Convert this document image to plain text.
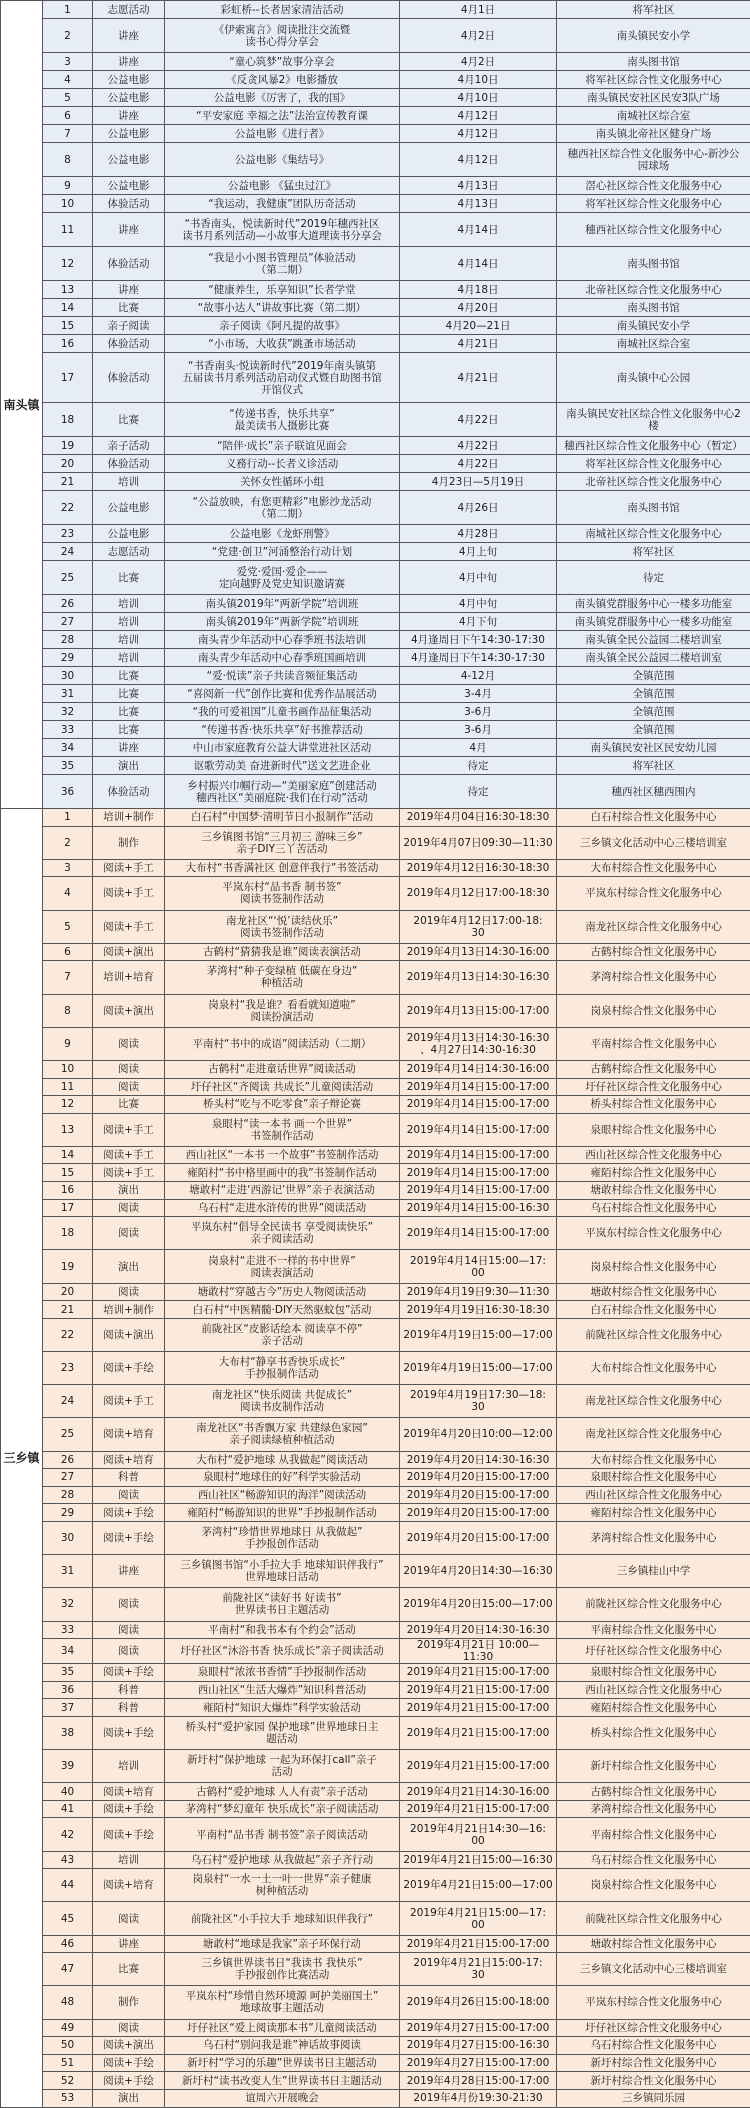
南头镇	1	志愿活动	彩虹桥--长者居家清洁活动	4月1日	将军社区
	2	讲座	《伊索寓言》阅读批注交流暨
读书心得分享会	4月2日	南头镇民安小学
	3	讲座	“童心筑梦”故事分享会	4月2日	南头图书馆
	4	公益电影	《反贪风暴2》电影播放	4月10日	将军社区综合性文化服务中心
	5	公益电影	公益电影《厉害了，我的国》	4月10日	南头镇民安社区民安3队广场
	6	讲座	“平安家庭 幸福之法”法治宣传教育课	4月12日	南城社区综合室
	7	公益电影	公益电影《进行者》	4月12日	南头镇北帝社区健身广场
	8	公益电影	公益电影《集结号》	4月12日	穗西社区综合性文化服务中心-新沙公
园球场
	9	公益电影	公益电影 《猛虫过江》	4月13日	滘心社区综合性文化服务中心
	10	体验活动	“我运动，我健康”团队历奇活动	4月13日	将军社区综合性文化服务中心
	11	讲座	“书香南头，悦读新时代”2019年穗西社区
读书月系列活动—小故事大道理读书分享会	4月14日	穗西社区综合性文化服务中心
	12	体验活动	“我是小小图书管理员”体验活动
（第二期）	4月14日	南头图书馆
	13	讲座	“健康养生，乐享知识”长者学堂	4月18日	北帝社区综合性文化服务中心
	14	比赛	“故事小达人”讲故事比赛（第二期）	4月20日	南头图书馆
	15	亲子阅读	亲子阅读《阿凡提的故事》	4月20—21日	南头镇民安小学
	16	体验活动	“小市场，大收获”跳蚤市场活动	4月21日	南城社区综合室
	17	体验活动	“书香南头·悦读新时代”2019年南头镇第
五届读书月系列活动启动仪式暨自助图书馆
开馆仪式	4月21日	南头镇中心公园
	18	比赛	“传递书香，快乐共享”
最美读书人摄影比赛	4月22日	南头镇民安社区综合性文化服务中心2
楼
	19	亲子活动	“陪伴·成长”亲子联谊见面会	4月22日	穗西社区综合性文化服务中心（暂定）
	20	体验活动	义務行动--长者义诊活动	4月22日	将军社区综合性文化服务中心
	21	培训	关怀女性循环小组	4月23日—5月19日	北帝社区综合性文化服务中心
	22	公益电影	“公益放映，有您更精彩”电影沙龙活动
（第二期）	4月26日	南头图书馆
	23	公益电影	公益电影《龙虾刑警》	4月28日	南城社区综合性文化服务中心
	24	志愿活动	“党建·创卫”河涌整治行动计划	4月上旬	将军社区
	25	比赛	爱党·爱国·爱企——
定向越野及党史知识邀请赛	4月中旬	待定
	26	培训	南头镇2019年“两新学院”培训班	4月中旬	南头镇党群服务中心一楼多功能室
	27	培训	南头镇2019年“两新学院”培训班	4月下旬	南头镇党群服务中心一楼多功能室
	28	培训	南头青少年活动中心春季班书法培训	4月逢周日下午14:30-17:30	南头镇全民公益园二楼培训室
	29	培训	南头青少年活动中心春季班国画培训	4月逢周日下午14:30-17:30	南头镇全民公益园二楼培训室
	30	比赛	“爱·悦读”亲子共读音频征集活动	4-12月	全镇范围
	31	比赛	“喜阅新一代”创作比赛和优秀作品展活动	3-4月	全镇范围
	32	比赛	“我的可爱祖国”儿童书画作品征集活动	3-6月	全镇范围
	33	比赛	“传递书香·快乐共享”好书推荐活动	3-6月	全镇范围
	34	讲座	中山市家庭教育公益大讲堂进社区活动	4月	南头镇民安社区民安幼儿园
	35	演出	讴歌劳动美 奋进新时代”送文艺进企业	待定	将军社区
	36	体验活动	乡村振兴巾帼行动—“美丽家庭”创建活动
穗西社区“美丽庭院·我们在行动”活动	待定	穗西社区穗西围内
三乡镇	1	培训+制作	白石村“中国梦·清明节日小报制作”活动	2019年4月04日16:30-18:30	白石村综合性文化服务中心
	2	制作	三乡镇图书馆“三月初三 游味三乡”
亲子DIY三丫苦活动	2019年4月07日09:30—11:30	三乡镇文化活动中心三楼培训室
	3	阅读+手工	大布村“书香满社区 创意伴我行”书签活动	2019年4月12日16:30-18:30	大布村综合性文化服务中心
	4	阅读+手工	平岚东村“品书香 制书签”
阅读书签制作活动	2019年4月12日17:00-18:30	平岚东村综合性文化服务中心
	5	阅读+手工	南龙社区“‘悦’读结伙乐”
阅读书签制作活动	2019年4月12日17:00-18:
30	南龙社区综合性文化服务中心
	6	阅读+演出	古鹤村“猜猜我是谁”阅读表演活动	2019年4月13日14:30-16:00	古鹤村综合性文化服务中心
	7	培训+培育	茅湾村“种子变绿植 低碳在身边”
种植活动	2019年4月13日14:30-16:30	茅湾村综合性文化服务中心
	8	阅读+演出	岗泉村“我是谁？看看就知道啦”
阅读扮演活动	2019年4月13日15:00-17:00	岗泉村综合性文化服务中心
	9	阅读	平南村“书中的成语”阅读活动（二期）	2019年4月13日14:30-16:30
、4月27日14:30-16:30	平南村综合性文化服务中心
	10	阅读	古鹤村“走进童话世界”阅读活动	2019年4月14日14:30-16:00	古鹤村综合性文化服务中心
	11	阅读	圩仔社区“齐阅读 共成长”儿童阅读活动	2019年4月14日15:00-17:00	圩仔社区综合性文化服务中心
	12	比赛	桥头村“吃与不吃零食”亲子辩论赛	2019年4月14日15:00-17:00	桥头村综合性文化服务中心
	13	阅读+手工	泉眼村“读一本书 画一个世界”
书签制作活动	2019年4月14日15:00-17:00	泉眼村综合性文化服务中心
	14	阅读+手工	西山社区“一本书 一个故事”书签制作活动	2019年4月14日15:00-17:00	西山社区综合性文化服务中心
	15	阅读+手工	雍陌村“书中格里画中的我”书签制作活动	2019年4月14日15:00-17:00	雍陌村综合性文化服务中心
	16	演出	塘敢村“走进‘西游记’世界”亲子表演活动	2019年4月14日15:00-17:00	塘敢村综合性文化服务中心
	17	阅读	乌石村“走进水浒传的世界”阅读活动	2019年4月14日15:00-16:30	乌石村综合性文化服务中心
	18	阅读	平岚东村“倡导全民读书 享受阅读快乐”
亲子阅读活动	2019年4月14日15:00-17:00	平岚东村综合性文化服务中心
	19	演出	岗泉村“走进不一样的书中世界”
阅读表演活动	2019年4月14日15:00—17:
00	岗泉村综合性文化服务中心
	20	阅读	塘敢村“穿越古今”历史人物阅读活动	2019年4月19日9:30—11:30	塘敢村综合性文化服务中心
	21	培训+制作	白石村“中医精髓·DIY天然驱蚊包”活动	2019年4月19日16:30-18:30	白石村综合性文化服务中心
	22	阅读+演出	前陇社区“皮影话绘本 阅读享不停”
亲子活动	2019年4月19日15:00—17:00	前陇社区综合性文化服务中心
	23	阅读+手绘	大布村“静享书香快乐成长”
手抄报制作活动	2019年4月19日15:00—17:00	大布村综合性文化服务中心
	24	阅读+手工	南龙社区“快乐阅读 共促成长”
阅读书皮制作活动	2019年4月19日17:30—18:
30	南龙社区综合性文化服务中心
	25	阅读+培育	南龙社区“书香飘万家 共建绿色家园”
亲子阅读绿植种植活动	2019年4月20日10:00—12:00	南龙社区综合性文化服务中心
	26	阅读+培育	大布村“爱护地球 从我做起”阅读活动	2019年4月20日14:30-16:30	大布村综合性文化服务中心
	27	科普	泉眼村“地球住的好”科学实验活动	2019年4月20日15:00-17:00	泉眼村综合性文化服务中心
	28	阅读	西山社区“畅游知识的海洋”阅读活动	2019年4月20日15:00-17:00	西山社区综合性文化服务中心
	29	阅读+手绘	雍陌村“畅游知识的世界”手抄报制作活动	2019年4月20日15:00-17:00	雍陌村综合性文化服务中心
	30	阅读+手绘	茅湾村“珍惜世界地球日 从我做起”
手抄报创作活动	2019年4月20日15:00-17:00	茅湾村综合性文化服务中心
	31	讲座	三乡镇图书馆“小手拉大手 地球知识伴我行”
世界地球日活动	2019年4月20日14:30—16:30	三乡镇桂山中学
	32	阅读	前陇社区“读好书 好读书”
世界读书日主题活动	2019年4月20日15:00—17:00	前陇社区综合性文化服务中心
	33	阅读	平南村“和我书本有个约会”活动	2019年4月20日14:30-16:30	平南村综合性文化服务中心
	34	阅读	圩仔社区“沐浴书香 快乐成长”亲子阅读活动	2019年4月21日 10:00—11:30	圩仔社区综合性文化服务中心
	35	阅读+手绘	泉眼村“浓浓书香情”手抄报制作活动	2019年4月21日15:00-17:00	泉眼村综合性文化服务中心
	36	科普	西山社区“生活大爆炸”知识科普活动	2019年4月21日15:00-17:00	西山社区综合性文化服务中心
	37	科普	雍陌村“知识大爆炸”科学实验活动	2019年4月21日15:00-17:00	雍陌村综合性文化服务中心
	38	阅读+手绘	桥头村“爱护家园 保护地球”世界地球日主
题活动	2019年4月21日15:00-17:00	桥头村综合性文化服务中心
	39	培训	新圩村“保护地球 一起为环保打call”亲子
活动	2019年4月21日15:00-17:00	新圩村综合性文化服务中心
	40	阅读+培育	古鹤村“爱护地球 人人有责”亲子活动	2019年4月21日14:30-16:00	古鹤村综合性文化服务中心
	41	阅读+手绘	茅湾村“梦幻童年 快乐成长”亲子阅读活动	2019年4月21日15:00-17:00	茅湾村综合性文化服务中心
	42	阅读+手绘	平南村“品书香 制书签”亲子阅读活动	2019年4月21日14:30—16:
00	平南村综合性文化服务中心
	43	培训	乌石村“爱护地球 从我做起”亲子齐行动	2019年4月21日15:00—16:30	乌石村综合性文化服务中心
	44	阅读+培育	岗泉村“一水一土一叶一世界”亲子健康
树种植活动	2019年4月21日15:00—17:00	岗泉村综合性文化服务中心
	45	阅读	前陇社区“小手拉大手 地球知识伴我行”	2019年4月21日15:00—17:
00	前陇社区综合性文化服务中心
	46	讲座	塘敢村“地球是我家”亲子环保行动	2019年4月21日15:00-17:00	塘敢村综合性文化服务中心
	47	比赛	三乡镇世界读书日“我读书 我快乐”
手抄报创作比赛活动	2019年4月21日15:00-17:
30	三乡镇文化活动中心三楼培训室
	48	制作	平岚东村“珍惜自然环境源 呵护美丽国土”
地球故事主题活动	2019年4月26日15:00-18:00	平岚东村综合性文化服务中心
	49	阅读	圩仔社区“爱上阅读那本书”儿童阅读活动	2019年4月27日15:00-17:00	圩仔社区综合性文化服务中心
	50	阅读+演出	乌石村“别问我是谁”神话故事阅读	2019年4月27日15:00-16:30	乌石村综合性文化服务中心
	51	阅读+手绘	新圩村“学习的乐趣”世界读书日主题活动	2019年4月27日15:00-17:00	新圩村综合性文化服务中心
	52	阅读+手绘	新圩村“读书改变人生”世界读书日主题活动	2019年4月28日15:00-17:00	新圩村综合性文化服务中心
	53	演出	谊周六开展晚会	2019年4月份19:30-21:30	三乡镇同乐园
